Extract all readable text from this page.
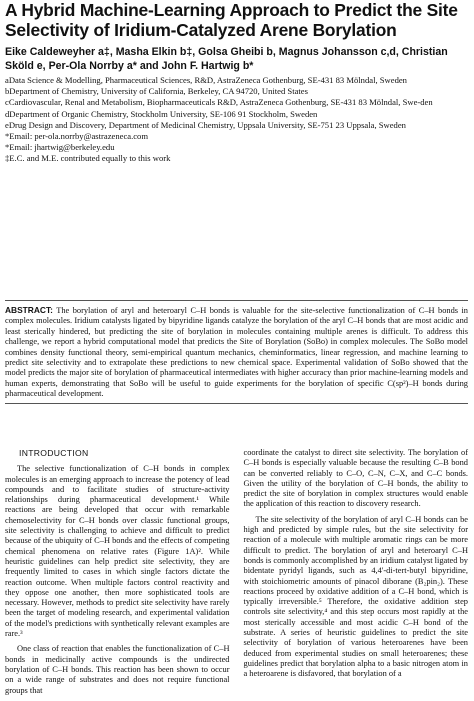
A Hybrid Machine-Learning Approach to Predict the Site Selectivity of Iridium-Catalyzed Arene Borylation
Eike Caldeweyher a‡, Masha Elkin b‡, Golsa Gheibi b, Magnus Johansson c,d, Christian Sköld e, Per-Ola Norrby a* and John F. Hartwig b*
aData Science & Modelling, Pharmaceutical Sciences, R&D, AstraZeneca Gothenburg, SE-431 83 Mölndal, Sweden
bDepartment of Chemistry, University of California, Berkeley, CA 94720, United States
cCardiovascular, Renal and Metabolism, Biopharmaceuticals R&D, AstraZeneca Gothenburg, SE-431 83 Mölndal, Swe-den
dDepartment of Organic Chemistry, Stockholm University, SE-106 91 Stockholm, Sweden
eDrug Design and Discovery, Department of Medicinal Chemistry, Uppsala University, SE-751 23 Uppsala, Sweden
*Email: per-ola.norrby@astrazeneca.com
*Email: jhartwig@berkeley.edu
‡E.C. and M.E. contributed equally to this work
ABSTRACT: The borylation of aryl and heteroaryl C–H bonds is valuable for the site-selective functionalization of C–H bonds in complex molecules. Iridium catalysts ligated by bipyridine ligands catalyze the borylation of the aryl C–H bonds that are most acidic and least sterically hindered, but predicting the site of borylation in molecules containing multiple arenes is difficult. To address this challenge, we report a hybrid computational model that predicts the Site of Borylation (SoBo) in complex molecules. The SoBo model combines density functional theory, semi-empirical quantum mechanics, cheminformatics, linear regression, and machine learning to predict site selectivity and to extrapolate these predictions to new chemical space. Experimental validation of SoBo showed that the model predicts the major site of borylation of pharmaceutical intermediates with higher accuracy than prior machine-learning models and human experts, demonstrating that SoBo will be useful to guide experiments for the borylation of specific C(sp²)–H bonds during pharmaceutical development.
INTRODUCTION

The selective functionalization of C–H bonds in complex molecules is an emerging approach to increase the potency of lead compounds and to facilitate studies of structure-activity relationships during pharmaceutical development.¹ While reactions are being developed that occur with remarkable chemoselectivity for C–H bonds over classic functional groups, site selectivity is challenging to achieve and difficult to predict because of the ubiquity of C–H bonds and the effects of competing chemical phenomena on relative rates (Figure 1A)². While heuristic guidelines can help predict site selectivity, they are frequently limited to cases in which single factors dictate the reaction outcome. When multiple factors control reactivity and they oppose one another, then more sophisticated tools are necessary. However, methods to predict site selectivity have rarely been the target of modeling research, and experimental validation of the model's predictions with synthetically relevant examples are rare.³

One class of reaction that enables the functionalization of C–H bonds in medicinally active compounds is the undirected borylation of C–H bonds. This reaction has been shown to occur on a wide range of substrates and does not require functional groups that

coordinate the catalyst to direct site selectivity. The borylation of C–H bonds is especially valuable because the resulting C–B bond can be converted reliably to C–O, C–N, C–X, and C–C bonds. Given the utility of the borylation of C–H bonds, the ability to predict the site of borylation in complex structures would enable the application of this reaction to discovery research.

The site selectivity of the borylation of aryl C–H bonds can be high and predicted by simple rules, but the site selectivity for reaction of a molecule with multiple aromatic rings can be more difficult to predict. The borylation of aryl and heteroaryl C–H bonds is commonly accomplished by an iridium catalyst ligated by bidentate pyridyl ligands, such as 4,4'-di-tert-butyl bipyridine, with stoichiometric amounts of pinacol diborane (B₂pin₂). These reactions proceed by oxidative addition of a C–H bond, which is typically irreversible.⁵ Therefore, the oxidative addition step controls site selectivity,⁴ and this step occurs most rapidly at the most sterically accessible and most acidic C–H bond of the substrate. A series of heuristic guidelines to predict the site selectivity of borylation of various heteroarenes have been deduced from experimental studies on small heteroarenes; these guidelines predict that borylation alpha to a basic nitrogen atom in a heteroarene is disfavored, that borylation of a
